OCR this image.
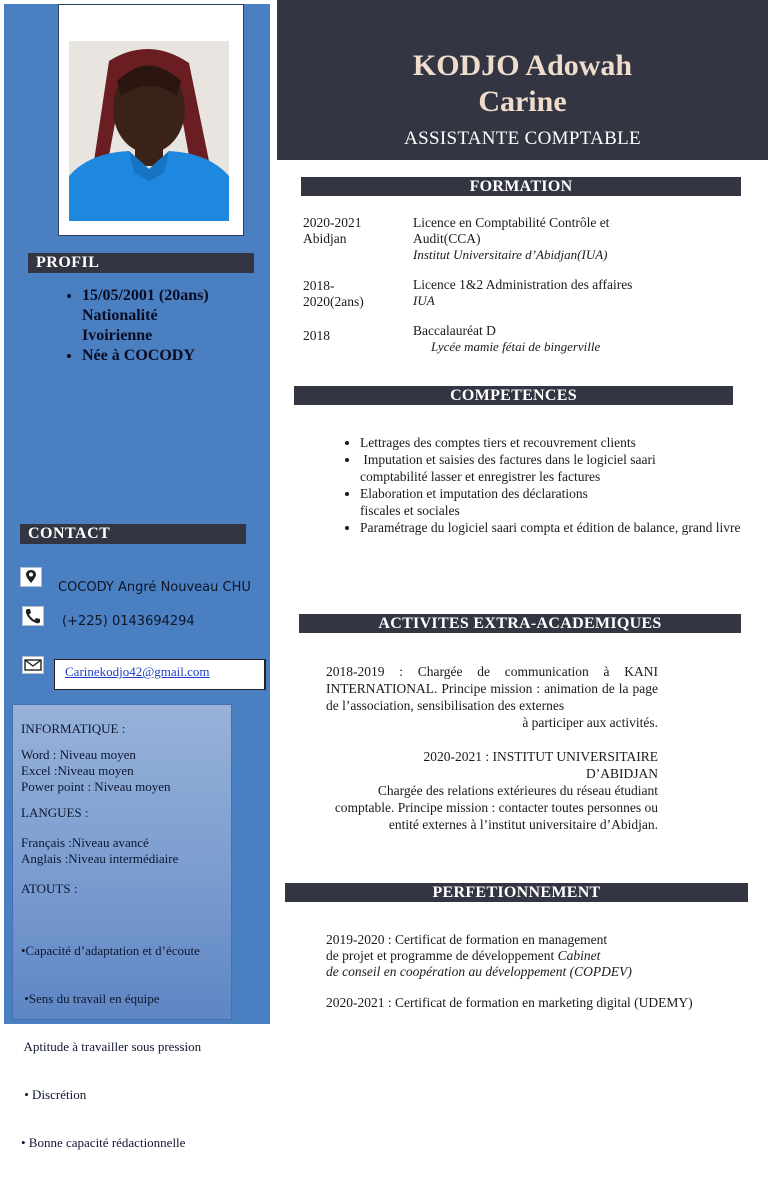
PROFIL
• 15/05/2001 (20ans)
Nationalité
Ivoirienne
• Née à COCODY
CONTACT
COCODY Angré Nouveau CHU
(+225) 0143694294
Carinekodjo42@gmail.com
INFORMATIQUE :
Word : Niveau moyen
Excel :Niveau moyen
Power point : Niveau moyen
LANGUES :
Français :Niveau avancé
Anglais :Niveau intermédiaire
ATOUTS :

•Capacité d’adaptation et d’écoute

•Sens du travail en équipe

Aptitude à travailler sous pression

• Discrétion

• Bonne capacité rédactionnelle

KODJO Adowah
Carine
ASSISTANTE COMPTABLE
FORMATION
2020-2021
Abidjan
Licence en Comptabilité Contrôle et
Audit(CCA)
Institut Universitaire d’Abidjan(IUA)
2018-
2020(2ans)
Licence 1&2 Administration des affaires
IUA
2018	Baccalauréat D
Lycée mamie fétai de bingerville
COMPETENCES
• Lettrages des comptes tiers et recouvrement clients
•  Imputation et saisies des factures dans le logiciel saari comptabilité lasser et enregistrer les factures
• Elaboration et imputation des déclarations fiscales et sociales
• Paramétrage du logiciel saari compta et édition de balance, grand livre
ACTIVITES EXTRA-ACADEMIQUES
2018-2019 : Chargée de communication à KANI INTERNATIONAL. Principe mission : animation de la page de l’association, sensibilisation des externes
à participer aux activités.
2020-2021 : INSTITUT UNIVERSITAIRE
D’ABIDJAN
Chargée des relations extérieures du réseau étudiant comptable. Principe mission : contacter toutes personnes ou entité externes à l’institut universitaire d’Abidjan.
PERFETIONNEMENT
2019-2020 : Certificat de formation en management
de projet et programme de développement Cabinet
de conseil en coopération au développement (COPDEV)
2020-2021 : Certificat de formation en marketing digital (UDEMY)
